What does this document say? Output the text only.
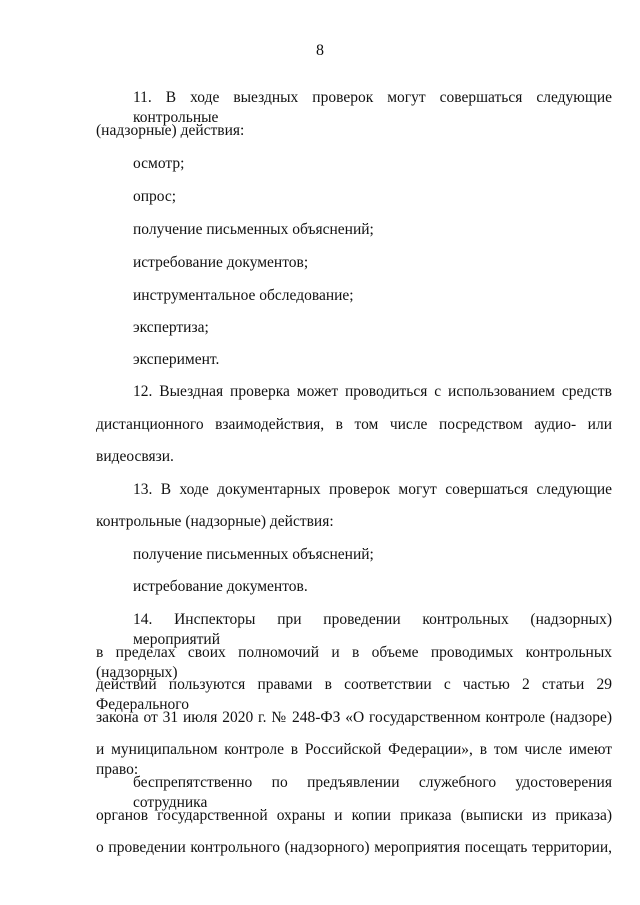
8
11. В ходе выездных проверок могут совершаться следующие контрольные
(надзорные) действия:
осмотр;
опрос;
получение письменных объяснений;
истребование документов;
инструментальное обследование;
экспертиза;
эксперимент.
12. Выездная проверка может проводиться с использованием средств
дистанционного взаимодействия, в том числе посредством аудио- или
видеосвязи.
13. В ходе документарных проверок могут совершаться следующие
контрольные (надзорные) действия:
получение письменных объяснений;
истребование документов.
14. Инспекторы при проведении контрольных (надзорных) мероприятий
в пределах своих полномочий и в объеме проводимых контрольных (надзорных)
действий пользуются правами в соответствии с частью 2 статьи 29 Федерального
закона от 31 июля 2020 г. № 248-ФЗ «О государственном контроле (надзоре)
и муниципальном контроле в Российской Федерации», в том числе имеют право:
беспрепятственно по предъявлении служебного удостоверения сотрудника
органов государственной охраны и копии приказа (выписки из приказа)
о проведении контрольного (надзорного) мероприятия посещать территории,
